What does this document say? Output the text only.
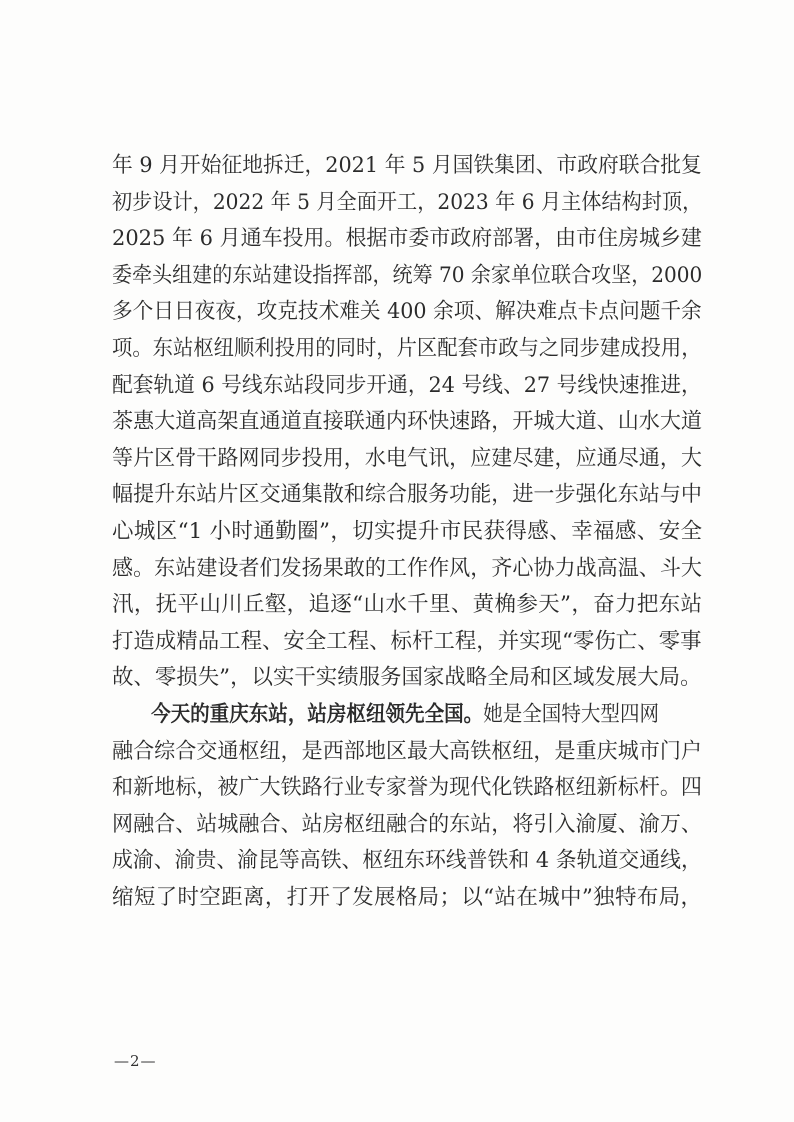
年 9 月开始征地拆迁，2021 年 5 月国铁集团、市政府联合批复
初步设计，2022 年 5 月全面开工，2023 年 6 月主体结构封顶，
2025 年 6 月通车投用。根据市委市政府部署，由市住房城乡建
委牵头组建的东站建设指挥部，统筹 70 余家单位联合攻坚，2000
多个日日夜夜，攻克技术难关 400 余项、解决难点卡点问题千余
项。东站枢纽顺利投用的同时，片区配套市政与之同步建成投用，
配套轨道 6 号线东站段同步开通，24 号线、27 号线快速推进，
茶惠大道高架直通道直接联通内环快速路，开城大道、山水大道
等片区骨干路网同步投用，水电气讯，应建尽建，应通尽通，大
幅提升东站片区交通集散和综合服务功能，进一步强化东站与中
心城区“1 小时通勤圈”，切实提升市民获得感、幸福感、安全
感。东站建设者们发扬果敢的工作作风，齐心协力战高温、斗大
汛，抚平山川丘壑，追逐“山水千里、黄桷参天”，奋力把东站
打造成精品工程、安全工程、标杆工程，并实现“零伤亡、零事
故、零损失”，以实干实绩服务国家战略全局和区域发展大局。
今天的重庆东站，站房枢纽领先全国。她是全国特大型四网
融合综合交通枢纽，是西部地区最大高铁枢纽，是重庆城市门户
和新地标，被广大铁路行业专家誉为现代化铁路枢纽新标杆。四
网融合、站城融合、站房枢纽融合的东站，将引入渝厦、渝万、
成渝、渝贵、渝昆等高铁、枢纽东环线普铁和 4 条轨道交通线，
缩短了时空距离，打开了发展格局；以“站在城中”独特布局，
—2—
